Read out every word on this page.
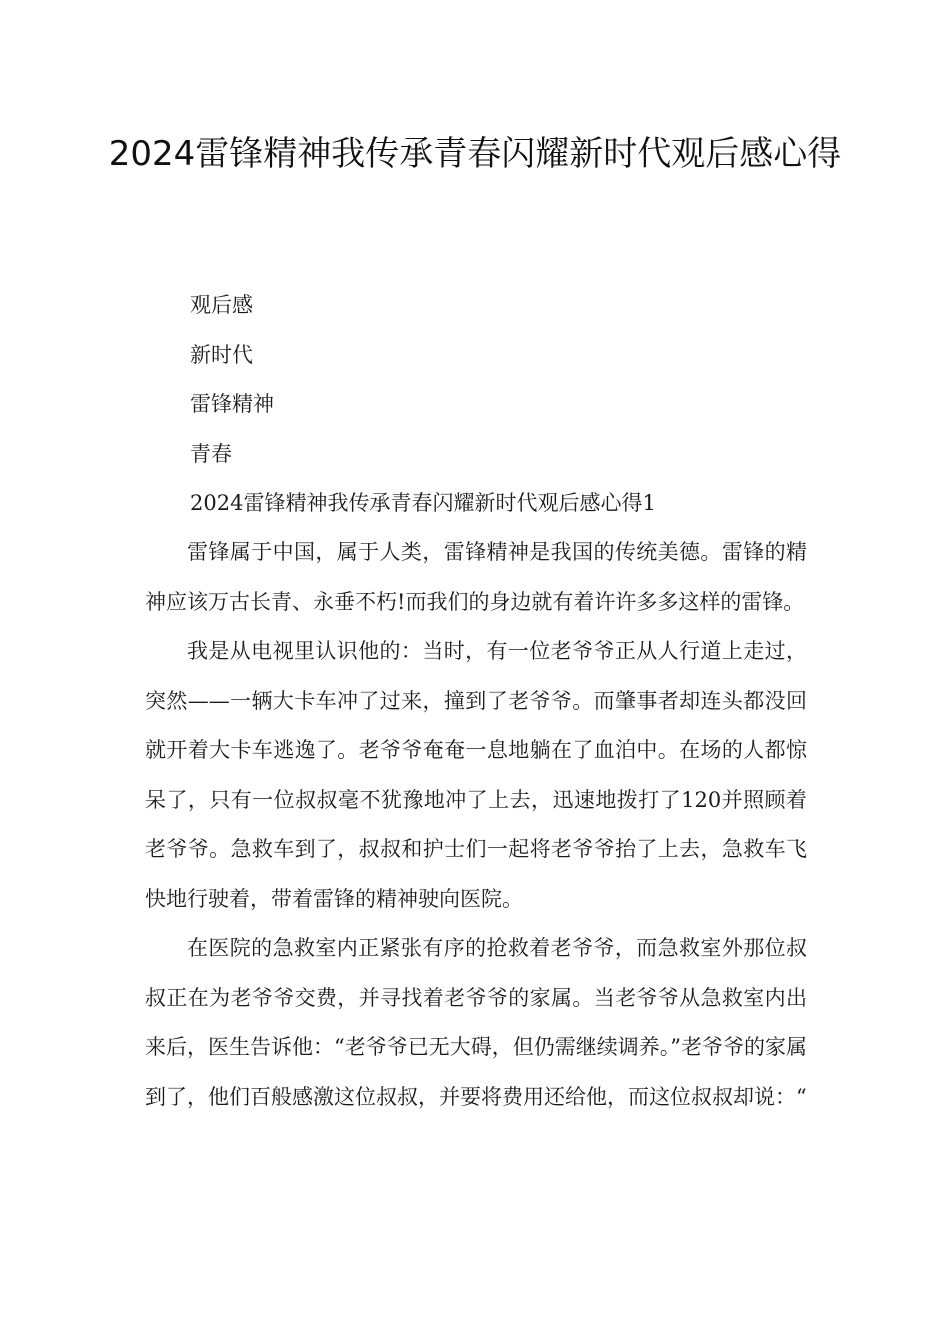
2024雷锋精神我传承青春闪耀新时代观后感心得
观后感
新时代
雷锋精神
青春
2024雷锋精神我传承青春闪耀新时代观后感心得1

雷锋属于中国，属于人类，雷锋精神是我国的传统美德。雷锋的精神应该万古长青、永垂不朽!而我们的身边就有着许许多多这样的雷锋。

我是从电视里认识他的：当时，有一位老爷爷正从人行道上走过，突然——一辆大卡车冲了过来，撞到了老爷爷。而肇事者却连头都没回就开着大卡车逃逸了。老爷爷奄奄一息地躺在了血泊中。在场的人都惊呆了，只有一位叔叔毫不犹豫地冲了上去，迅速地拨打了120并照顾着老爷爷。急救车到了，叔叔和护士们一起将老爷爷抬了上去，急救车飞快地行驶着，带着雷锋的精神驶向医院。

在医院的急救室内正紧张有序的抢救着老爷爷，而急救室外那位叔叔正在为老爷爷交费，并寻找着老爷爷的家属。当老爷爷从急救室内出来后，医生告诉他：“老爷爷已无大碍，但仍需继续调养。”老爷爷的家属到了，他们百般感激这位叔叔，并要将费用还给他，而这位叔叔却说：“
